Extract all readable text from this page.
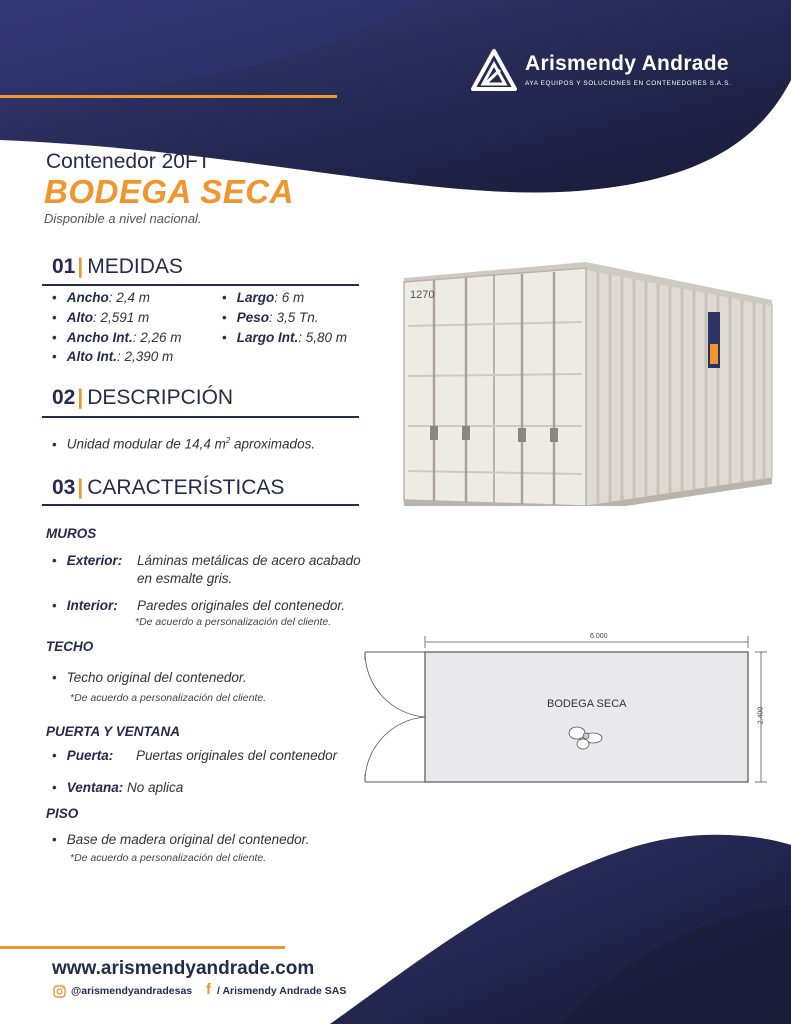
Arismendy Andrade
AYA EQUIPOS Y SOLUCIONES EN CONTENEDORES S.A.S.
Contenedor 20FT
BODEGA SECA
Disponible a nivel nacional.
01| MEDIDAS
• Ancho: 2,4 m
• Alto: 2,591 m
• Ancho Int.: 2,26 m
• Alto Int.: 2,390 m
• Largo: 6 m
• Peso: 3,5 Tn.
• Largo Int.: 5,80 m
02| DESCRIPCIÓN
• Unidad modular de 14,4 $m^2$ aproximados.
03| CARACTERÍSTICAS
MUROS
• Exterior: Láminas metálicas de acero acabado
en esmalte gris.
• Interior: Paredes originales del contenedor.
*De acuerdo a personalización del cliente.
TECHO
• Techo original del contenedor.
*De acuerdo a personalización del cliente.
PUERTA Y VENTANA
• Puerta: Puertas originales del contenedor
• Ventana: No aplica
PISO
• Base de madera original del contenedor.
*De acuerdo a personalización del cliente.
1270
6.000
2.400
BODEGA SECA
www.arismendyandrade.com
@arismendyandradesas f / Arismendy Andrade SAS
